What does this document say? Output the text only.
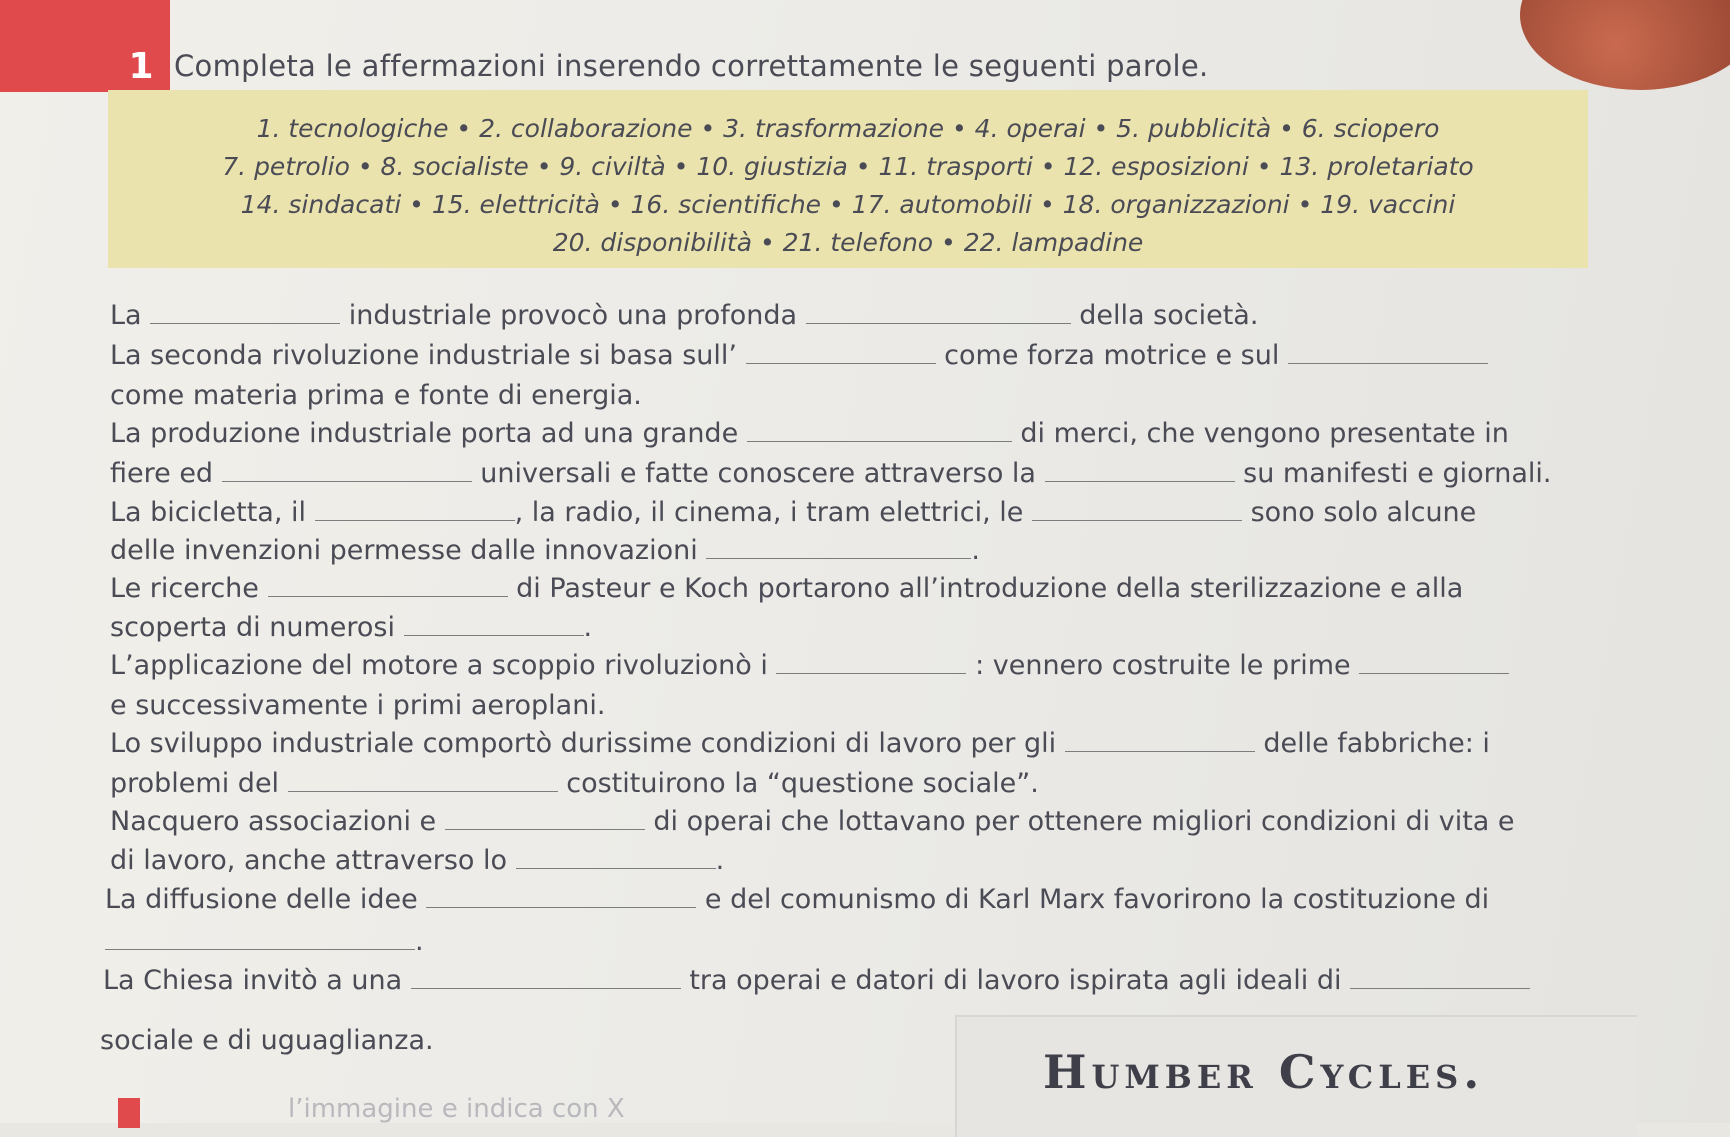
1 Completa le affermazioni inserendo correttamente le seguenti parole.
1. tecnologiche • 2. collaborazione • 3. trasformazione • 4. operai • 5. pubblicità • 6. sciopero
7. petrolio • 8. socialiste • 9. civiltà • 10. giustizia • 11. trasporti • 12. esposizioni • 13. proletariato
14. sindacati • 15. elettricità • 16. scientifiche • 17. automobili • 18. organizzazioni • 19. vaccini
20. disponibilità • 21. telefono • 22. lampadine
La	industriale provocò una profonda	della società.
La seconda rivoluzione industriale si basa sull’	come forza motrice e sul
come materia prima e fonte di energia.
La produzione industriale porta ad una grande	di merci, che vengono presentate in
fiere ed	universali e fatte conoscere attraverso la	su manifesti e giornali.
La bicicletta, il	, la radio, il cinema, i tram elettrici, le	sono solo alcune
delle invenzioni permesse dalle innovazioni	.
Le ricerche	di Pasteur e Koch portarono all’introduzione della sterilizzazione e alla
scoperta di numerosi	.
L’applicazione del motore a scoppio rivoluzionò i	: vennero costruite le prime
e successivamente i primi aeroplani.
Lo sviluppo industriale comportò durissime condizioni di lavoro per gli	delle fabbriche: i
problemi del	costituirono la “questione sociale”.
Nacquero associazioni e	di operai che lottavano per ottenere migliori condizioni di vita e
di lavoro, anche attraverso lo	.
La diffusione delle idee	e del comunismo di Karl Marx favorirono la costituzione di
.
La Chiesa invitò a una	tra operai e datori di lavoro ispirata agli ideali di
sociale e di uguaglianza.
Humber Cycles.
l’immagine e indica con X
